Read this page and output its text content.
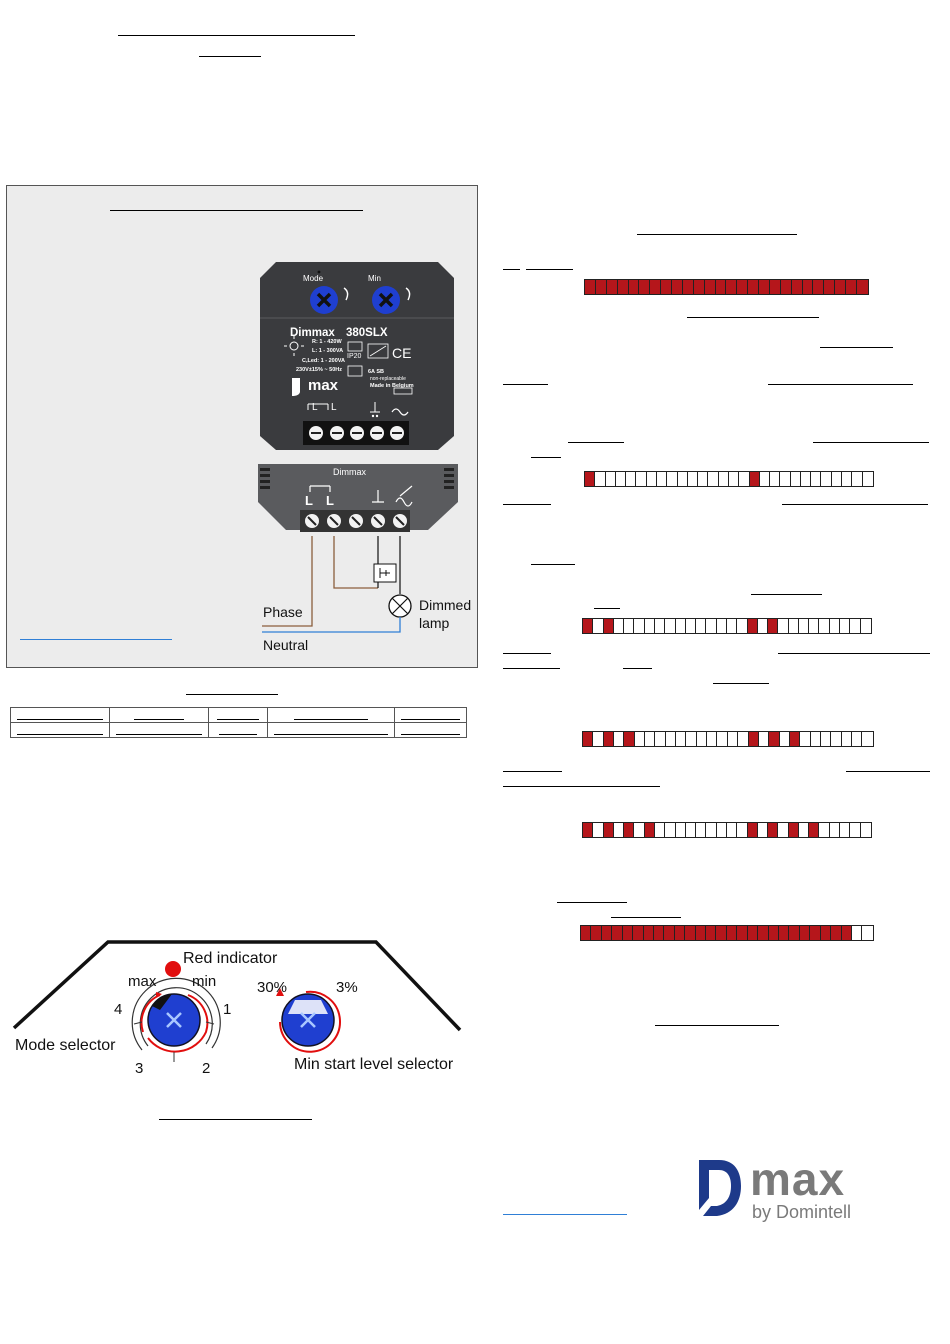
Mode	Min
Dimmax 380SLX
R: 1 - 420W
L: 1 - 300VA
C,Led: 1 - 200VA
230V±15% ~ 50Hz
IP20 CE
6A SB
non-replaceable
Made in Belgium
max
L L
Dimmax
L L
Phase
Neutral
Dimmed lamp

Red indicator
max min
4	1
3	2
Mode selector
30%	3%
Min start level selector
max
by Domintell
